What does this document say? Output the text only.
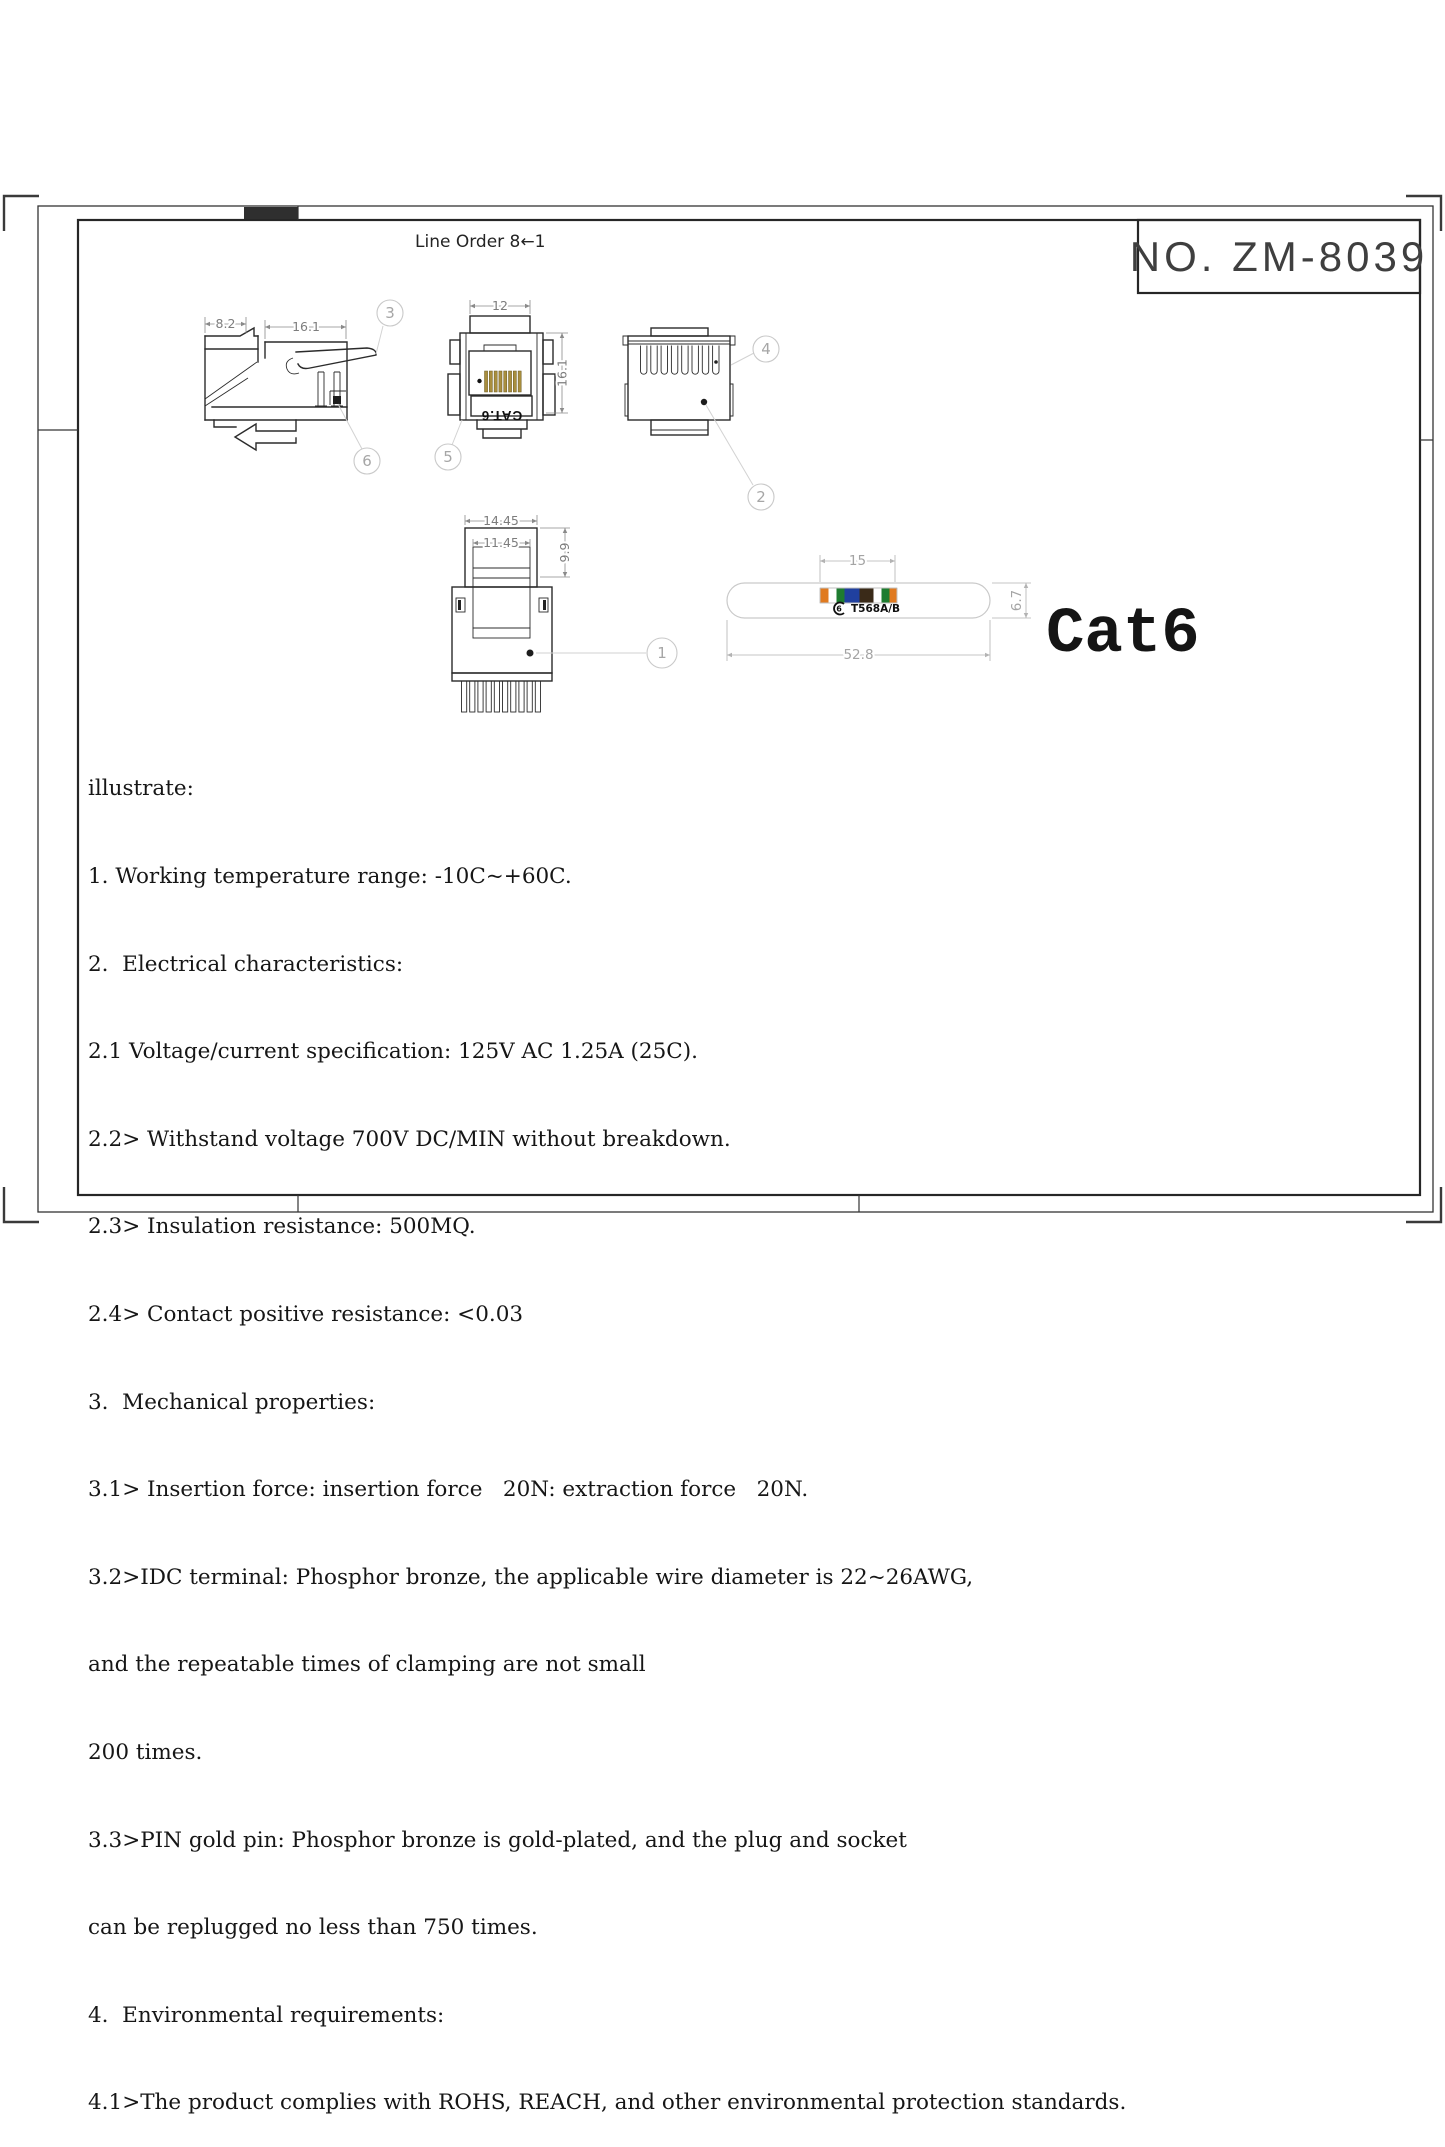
NO. ZM-8039
Line Order 8←1
CAT.6
6 T568A/B
8.2	16.1
12
16.1
14.45
11.45
9.9	15
52.8
6.7
3
6	5
4
2
1	Cat6

illustrate:

1. Working temperature range: -10C~+60C.

2.  Electrical characteristics:

2.1 Voltage/current specification: 125V AC 1.25A (25C).

2.2> Withstand voltage 700V DC/MIN without breakdown.

2.3> Insulation resistance: 500MQ.

2.4> Contact positive resistance: <0.03

3.  Mechanical properties:

3.1> Insertion force: insertion force   20N: extraction force   20N.

3.2>IDC terminal: Phosphor bronze, the applicable wire diameter is 22~26AWG,

and the repeatable times of clamping are not small

200 times.

3.3>PIN gold pin: Phosphor bronze is gold-plated, and the plug and socket

can be replugged no less than 750 times.

4.  Environmental requirements:

4.1>The product complies with ROHS, REACH, and other environmental protection standards.
